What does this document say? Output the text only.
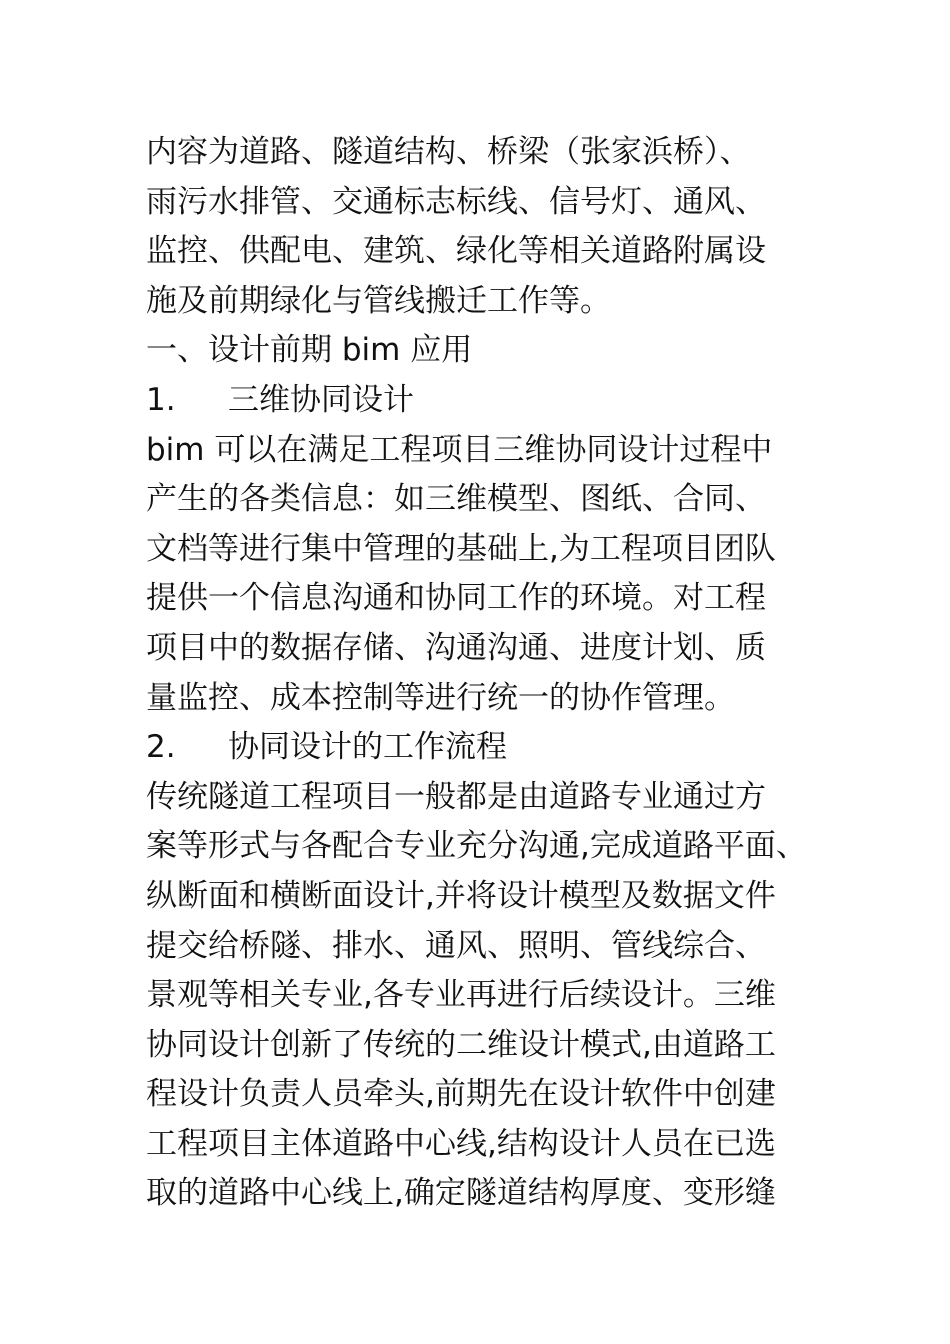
内容为道路、隧道结构、桥梁（张家浜桥）、
雨污水排管、交通标志标线、信号灯、通风、
监控、供配电、建筑、绿化等相关道路附属设
施及前期绿化与管线搬迁工作等。
一、设计前期 bim 应用
1. 三维协同设计
bim 可以在满足工程项目三维协同设计过程中
产生的各类信息：如三维模型、图纸、合同、
文档等进行集中管理的基础上,为工程项目团队
提供一个信息沟通和协同工作的环境。对工程
项目中的数据存储、沟通沟通、进度计划、质
量监控、成本控制等进行统一的协作管理。
2. 协同设计的工作流程
传统隧道工程项目一般都是由道路专业通过方
案等形式与各配合专业充分沟通,完成道路平面、
纵断面和横断面设计,并将设计模型及数据文件
提交给桥隧、排水、通风、照明、管线综合、
景观等相关专业,各专业再进行后续设计。三维
协同设计创新了传统的二维设计模式,由道路工
程设计负责人员牵头,前期先在设计软件中创建
工程项目主体道路中心线,结构设计人员在已选
取的道路中心线上,确定隧道结构厚度、变形缝
